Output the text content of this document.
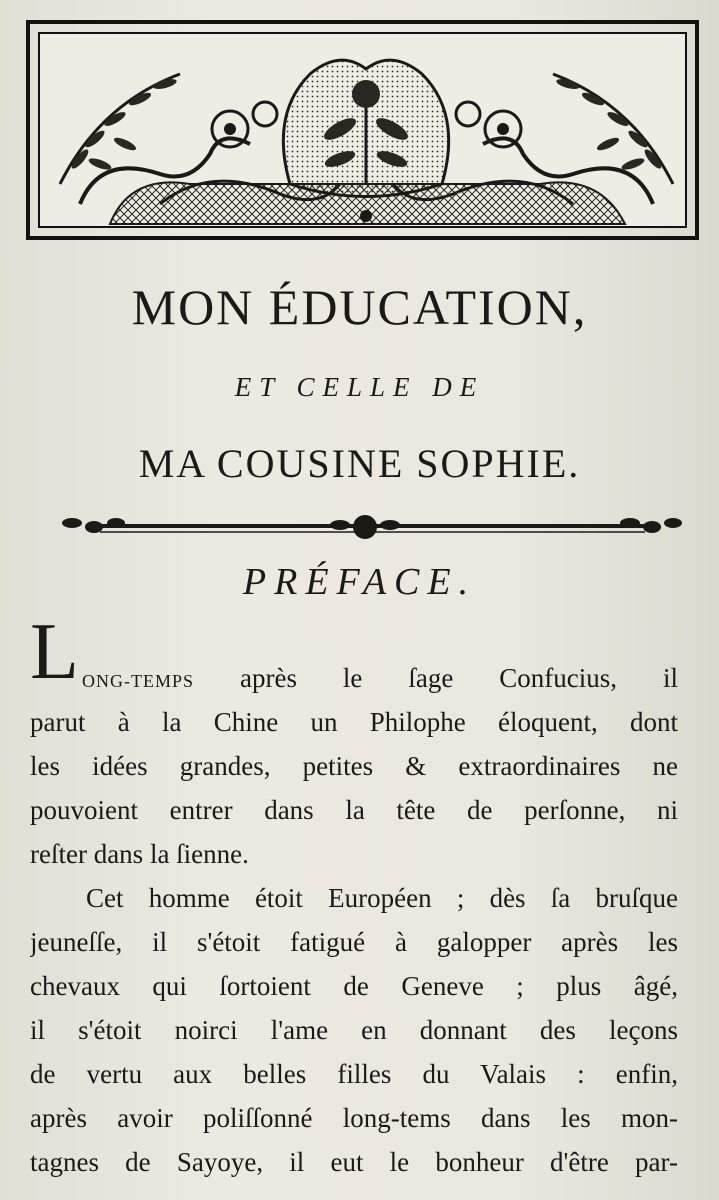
MON ÉDUCATION,
ET CELLE DE
MA COUSINE SOPHIE.
PRÉFACE.
L ONG-TEMPS après le ſage Confucius, il
parut à la Chine un Philophe éloquent, dont
les idées grandes, petites & extraordinaires ne
pouvoient entrer dans la tête de perſonne, ni
reſter dans la ſienne.
Cet homme étoit Européen ; dès ſa bruſque
jeuneſſe, il s'étoit fatigué à galopper après les
chevaux qui ſortoient de Geneve ; plus âgé,
il s'étoit noirci l'ame en donnant des leçons
de vertu aux belles filles du Valais : enfin,
après avoir poliſſonné long-tems dans les mon-
tagnes de Sayoye, il eut le bonheur d'être par-
